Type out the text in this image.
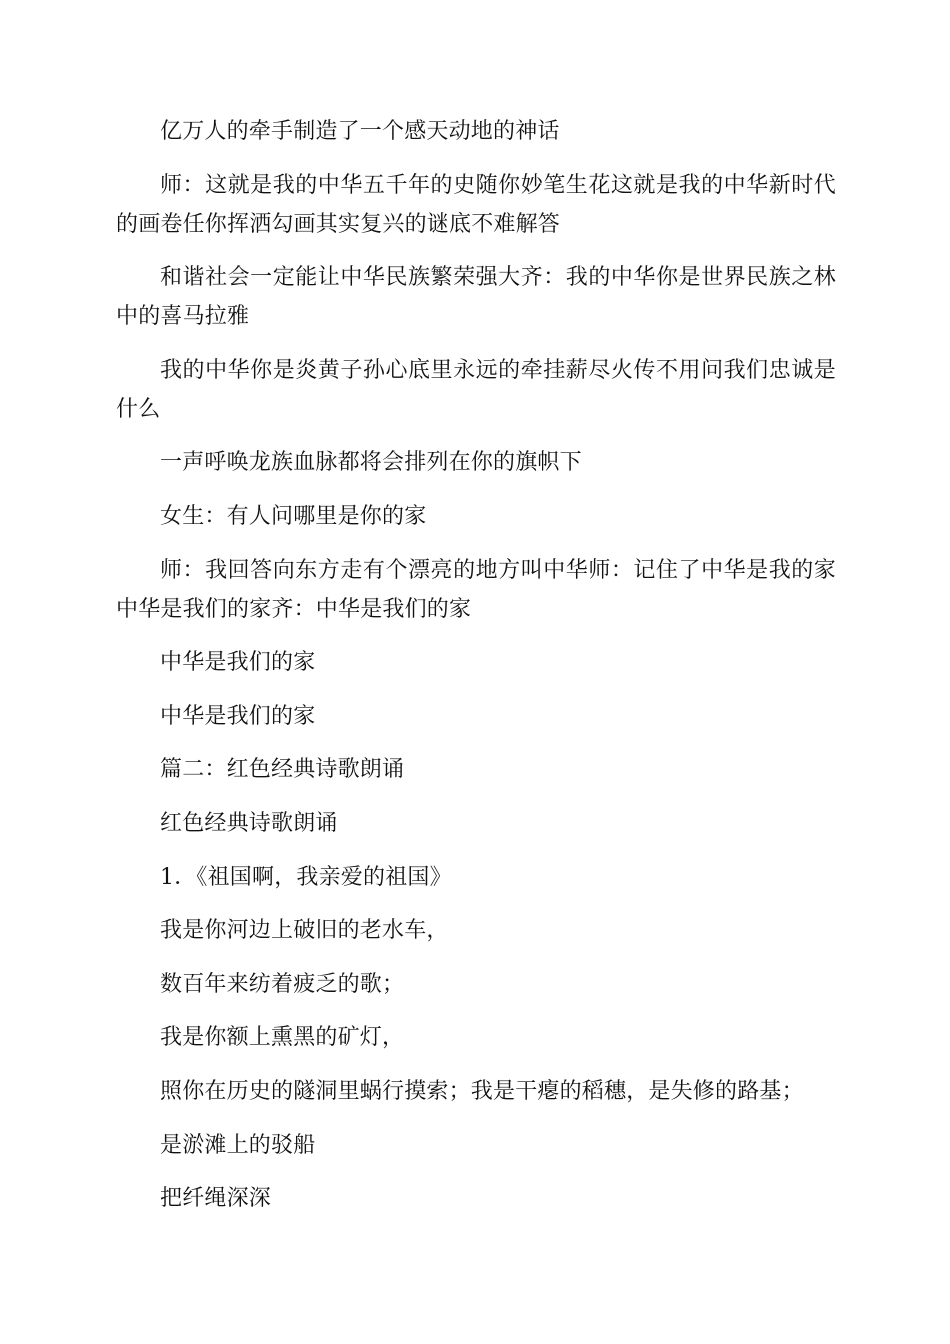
亿万人的牵手制造了一个感天动地的神话

师：这就是我的中华五千年的史随你妙笔生花这就是我的中华新时代的画卷任你挥洒勾画其实复兴的谜底不难解答

和谐社会一定能让中华民族繁荣强大齐：我的中华你是世界民族之林中的喜马拉雅

我的中华你是炎黄子孙心底里永远的牵挂薪尽火传不用问我们忠诚是什么

一声呼唤龙族血脉都将会排列在你的旗帜下

女生：有人问哪里是你的家

师：我回答向东方走有个漂亮的地方叫中华师：记住了中华是我的家中华是我们的家齐：中华是我们的家

中华是我们的家

中华是我们的家

篇二：红色经典诗歌朗诵

红色经典诗歌朗诵

1．《祖国啊，我亲爱的祖国》

我是你河边上破旧的老水车，

数百年来纺着疲乏的歌；

我是你额上熏黑的矿灯，

照你在历史的隧洞里蜗行摸索；我是干瘪的稻穗，是失修的路基；

是淤滩上的驳船

把纤绳深深
